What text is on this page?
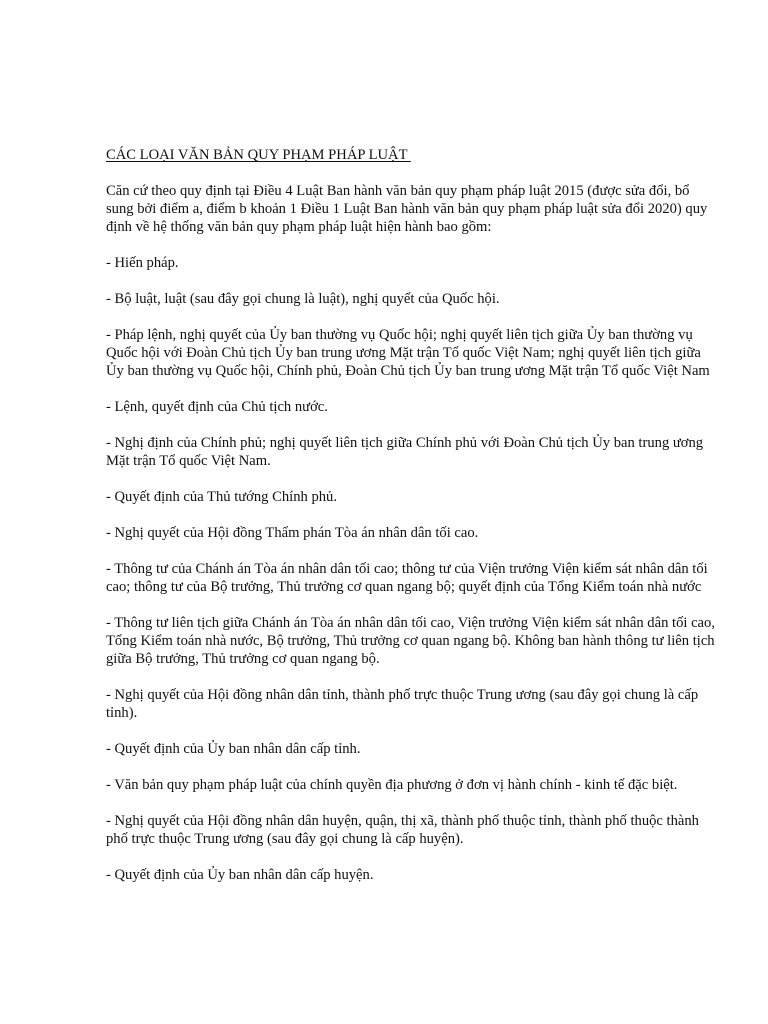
CÁC LOẠI VĂN BẢN QUY PHẠM PHÁP LUẬT

Căn cứ theo quy định tại Điều 4 Luật Ban hành văn bản quy phạm pháp luật 2015 (được sửa đổi, bổ sung bởi điểm a, điểm b khoản 1 Điều 1 Luật Ban hành văn bản quy phạm pháp luật sửa đổi 2020) quy định về hệ thống văn bản quy phạm pháp luật hiện hành bao gồm:

- Hiến pháp.

- Bộ luật, luật (sau đây gọi chung là luật), nghị quyết của Quốc hội.

- Pháp lệnh, nghị quyết của Ủy ban thường vụ Quốc hội; nghị quyết liên tịch giữa Ủy ban thường vụ Quốc hội với Đoàn Chủ tịch Ủy ban trung ương Mặt trận Tổ quốc Việt Nam; nghị quyết liên tịch giữa Ủy ban thường vụ Quốc hội, Chính phủ, Đoàn Chủ tịch Ủy ban trung ương Mặt trận Tổ quốc Việt Nam

- Lệnh, quyết định của Chủ tịch nước.

- Nghị định của Chính phủ; nghị quyết liên tịch giữa Chính phủ với Đoàn Chủ tịch Ủy ban trung ương Mặt trận Tổ quốc Việt Nam.

- Quyết định của Thủ tướng Chính phủ.

- Nghị quyết của Hội đồng Thẩm phán Tòa án nhân dân tối cao.

- Thông tư của Chánh án Tòa án nhân dân tối cao; thông tư của Viện trưởng Viện kiểm sát nhân dân tối cao; thông tư của Bộ trưởng, Thủ trưởng cơ quan ngang bộ; quyết định của Tổng Kiểm toán nhà nước

- Thông tư liên tịch giữa Chánh án Tòa án nhân dân tối cao, Viện trưởng Viện kiểm sát nhân dân tối cao, Tổng Kiểm toán nhà nước, Bộ trưởng, Thủ trưởng cơ quan ngang bộ. Không ban hành thông tư liên tịch giữa Bộ trưởng, Thủ trưởng cơ quan ngang bộ.

- Nghị quyết của Hội đồng nhân dân tỉnh, thành phố trực thuộc Trung ương (sau đây gọi chung là cấp tỉnh).

- Quyết định của Ủy ban nhân dân cấp tỉnh.

- Văn bản quy phạm pháp luật của chính quyền địa phương ở đơn vị hành chính - kinh tế đặc biệt.

- Nghị quyết của Hội đồng nhân dân huyện, quận, thị xã, thành phố thuộc tỉnh, thành phố thuộc thành phố trực thuộc Trung ương (sau đây gọi chung là cấp huyện).

- Quyết định của Ủy ban nhân dân cấp huyện.
